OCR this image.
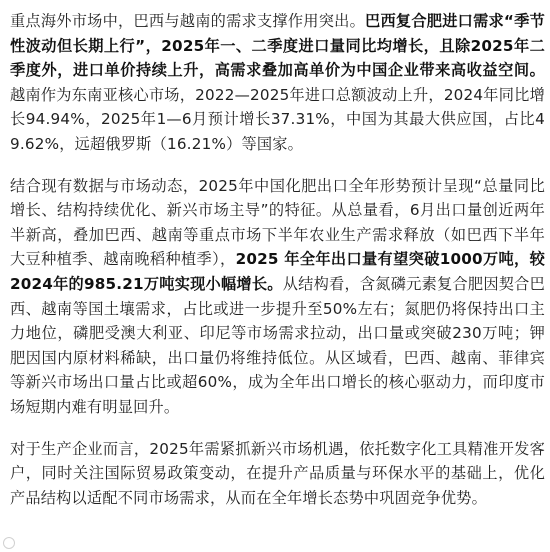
重点海外市场中，巴西与越南的需求支撑作用突出。巴西复合肥进口需求“季节性波动但长期上行”，2025年一、二季度进口量同比均增长，且除2025年二季度外，进口单价持续上升，高需求叠加高单价为中国企业带来高收益空间。越南作为东南亚核心市场，2022—2025年进口总额波动上升，2024年同比增长94.94%，2025年1—6月预计增长37.31%，中国为其最大供应国，占比49.62%，远超俄罗斯（16.21%）等国家。

结合现有数据与市场动态，2025年中国化肥出口全年形势预计呈现“总量同比增长、结构持续优化、新兴市场主导”的特征。从总量看，6月出口量创近两年半新高，叠加巴西、越南等重点市场下半年农业生产需求释放（如巴西下半年大豆种植季、越南晚稻种植季），2025 年全年出口量有望突破1000万吨，较2024年的985.21万吨实现小幅增长。从结构看，含氮磷元素复合肥因契合巴西、越南等国土壤需求，占比或进一步提升至50%左右；氮肥仍将保持出口主力地位，磷肥受澳大利亚、印尼等市场需求拉动，出口量或突破230万吨；钾肥因国内原材料稀缺，出口量仍将维持低位。从区域看，巴西、越南、菲律宾等新兴市场出口量占比或超60%，成为全年出口增长的核心驱动力，而印度市场短期内难有明显回升。

对于生产企业而言，2025年需紧抓新兴市场机遇，依托数字化工具精准开发客户，同时关注国际贸易政策变动，在提升产品质量与环保水平的基础上，优化产品结构以适配不同市场需求，从而在全年增长态势中巩固竞争优势。
